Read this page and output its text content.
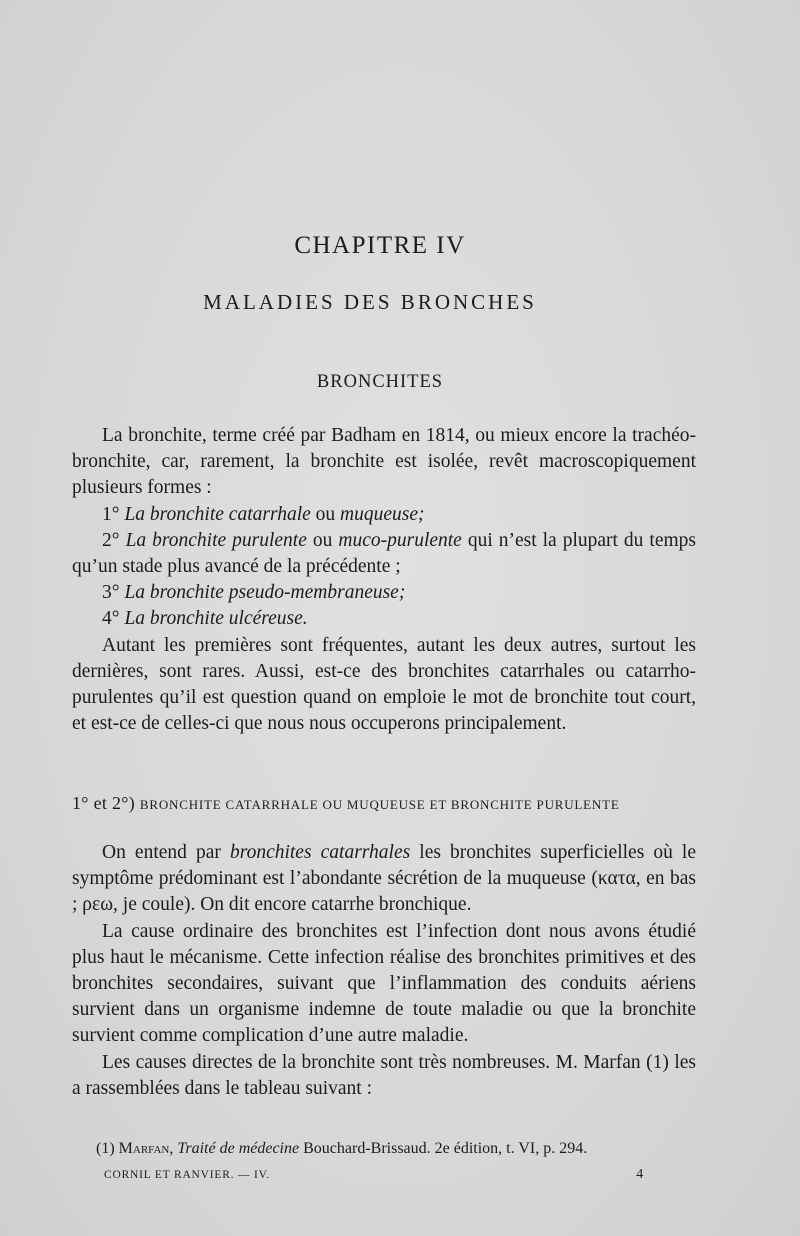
CHAPITRE IV
MALADIES DES BRONCHES
BRONCHITES

La bronchite, terme créé par Badham en 1814, ou mieux encore la trachéo-bronchite, car, rarement, la bronchite est isolée, revêt macroscopiquement plusieurs formes :

1° La bronchite catarrhale ou muqueuse;

2° La bronchite purulente ou muco-purulente qui n’est la plupart du temps qu’un stade plus avancé de la précédente ;

3° La bronchite pseudo-membraneuse;

4° La bronchite ulcéreuse.

Autant les premières sont fréquentes, autant les deux autres, surtout les dernières, sont rares. Aussi, est-ce des bronchites catarrhales ou catarrho-purulentes qu’il est question quand on emploie le mot de bronchite tout court, et est-ce de celles-ci que nous nous occuperons principalement.

1° et 2°) BRONCHITE CATARRHALE OU MUQUEUSE ET BRONCHITE PURULENTE

On entend par bronchites catarrhales les bronchites superficielles où le symptôme prédominant est l’abondante sécrétion de la muqueuse (κατα, en bas ; ρεω, je coule). On dit encore catarrhe bronchique.

La cause ordinaire des bronchites est l’infection dont nous avons étudié plus haut le mécanisme. Cette infection réalise des bronchites primitives et des bronchites secondaires, suivant que l’inflammation des conduits aériens survient dans un organisme indemne de toute maladie ou que la bronchite survient comme complication d’une autre maladie.

Les causes directes de la bronchite sont très nombreuses. M. Marfan (1) les a rassemblées dans le tableau suivant :

(1) Marfan, Traité de médecine Bouchard-Brissaud. 2e édition, t. VI, p. 294.
CORNIL ET RANVIER. — IV.	4
